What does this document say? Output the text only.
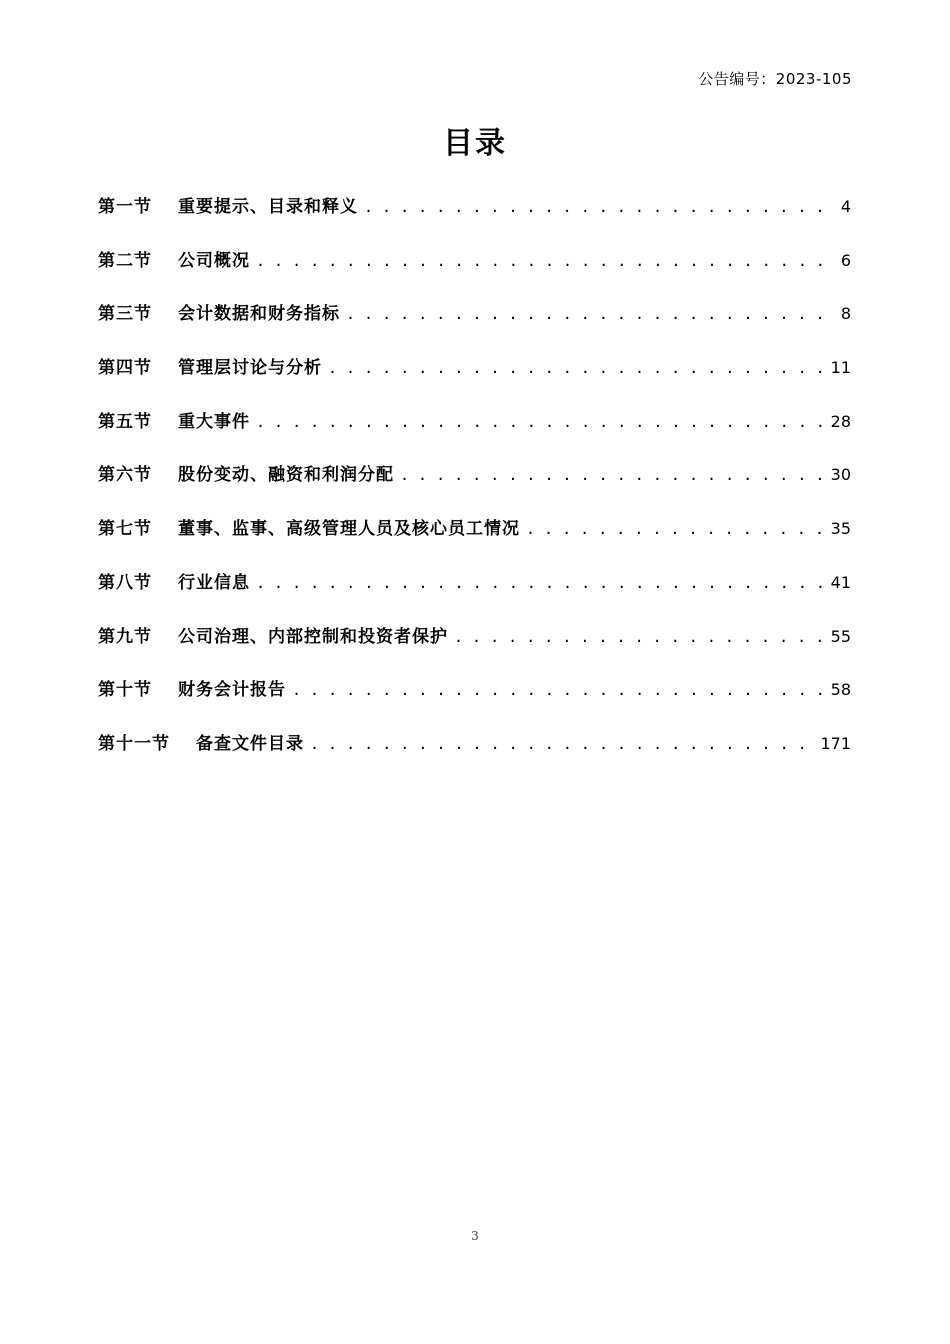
公告编号：2023-105
目录
第一节 重要提示、目录和释义 . . .	4
第二节 公司概况 . . .	6
第三节 会计数据和财务指标 . . .	8
第四节 管理层讨论与分析 . . .	11
第五节 重大事件 . . .	28
第六节 股份变动、融资和利润分配 . . .	30
第七节 董事、监事、高级管理人员及核心员工情况 . . .	35
第八节 行业信息 . . .	41
第九节 公司治理、内部控制和投资者保护 . . .	55
第十节 财务会计报告 . . .	58
第十一节 备查文件目录 . . .	171
3
